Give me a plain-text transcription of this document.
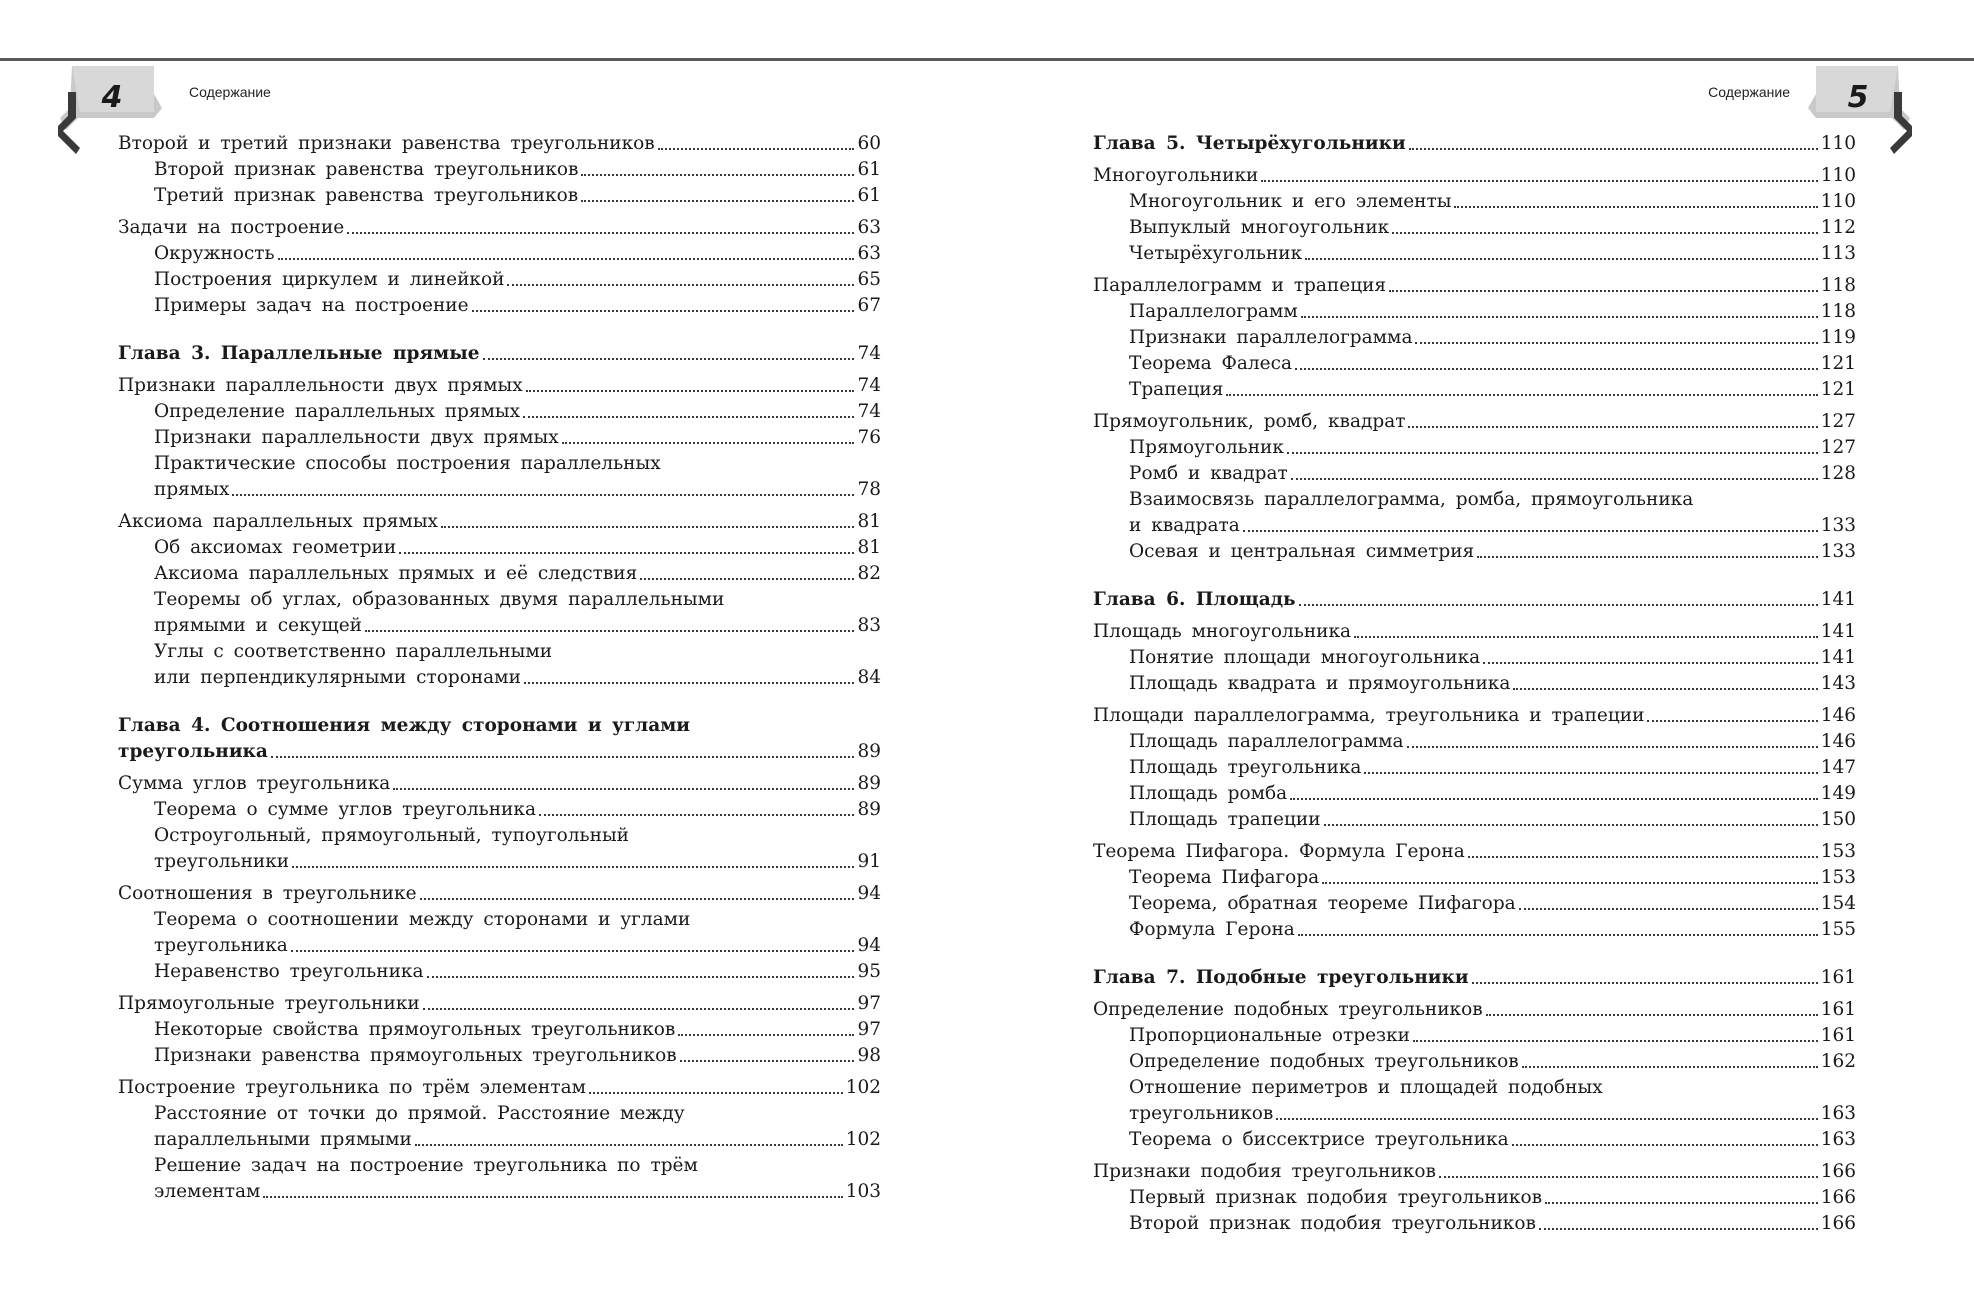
4	Содержание	5
Содержание
Второй и третий признаки равенства треугольников	60
Второй признак равенства треугольников	61
Третий признак равенства треугольников	61
Задачи на построение	63
Окружность	63
Построения циркулем и линейкой	65
Примеры задач на построение	67
Глава 3. Параллельные прямые	74
Признаки параллельности двух прямых	74
Определение параллельных прямых	74
Признаки параллельности двух прямых	76
Практические способы построения параллельных
прямых	78
Аксиома параллельных прямых	81
Об аксиомах геометрии	81
Аксиома параллельных прямых и её следствия	82
Теоремы об углах, образованных двумя параллельными
прямыми и секущей	83
Углы с соответственно параллельными
или перпендикулярными сторонами	84
Глава 4. Соотношения между сторонами и углами
треугольника	89
Сумма углов треугольника	89
Теорема о сумме углов треугольника	89
Остроугольный, прямоугольный, тупоугольный
треугольники	91
Соотношения в треугольнике	94
Теорема о соотношении между сторонами и углами
треугольника	94
Неравенство треугольника	95
Прямоугольные треугольники	97
Некоторые свойства прямоугольных треугольников	97
Признаки равенства прямоугольных треугольников	98
Построение треугольника по трём элементам	102
Расстояние от точки до прямой. Расстояние между
параллельными прямыми	102
Решение задач на построение треугольника по трём
элементам	103
Глава 5. Четырёхугольники	110
Многоугольники	110
Многоугольник и его элементы	110
Выпуклый многоугольник	112
Четырёхугольник	113
Параллелограмм и трапеция	118
Параллелограмм	118
Признаки параллелограмма	119
Теорема Фалеса	121
Трапеция	121
Прямоугольник, ромб, квадрат	127
Прямоугольник	127
Ромб и квадрат	128
Взаимосвязь параллелограмма, ромба, прямоугольника
и квадрата	133
Осевая и центральная симметрия	133
Глава 6. Площадь	141
Площадь многоугольника	141
Понятие площади многоугольника	141
Площадь квадрата и прямоугольника	143
Площади параллелограмма, треугольника и трапеции	146
Площадь параллелограмма	146
Площадь треугольника	147
Площадь ромба	149
Площадь трапеции	150
Теорема Пифагора. Формула Герона	153
Теорема Пифагора	153
Теорема, обратная теореме Пифагора	154
Формула Герона	155
Глава 7. Подобные треугольники	161
Определение подобных треугольников	161
Пропорциональные отрезки	161
Определение подобных треугольников	162
Отношение периметров и площадей подобных
треугольников	163
Теорема о биссектрисе треугольника	163
Признаки подобия треугольников	166
Первый признак подобия треугольников	166
Второй признак подобия треугольников	166
